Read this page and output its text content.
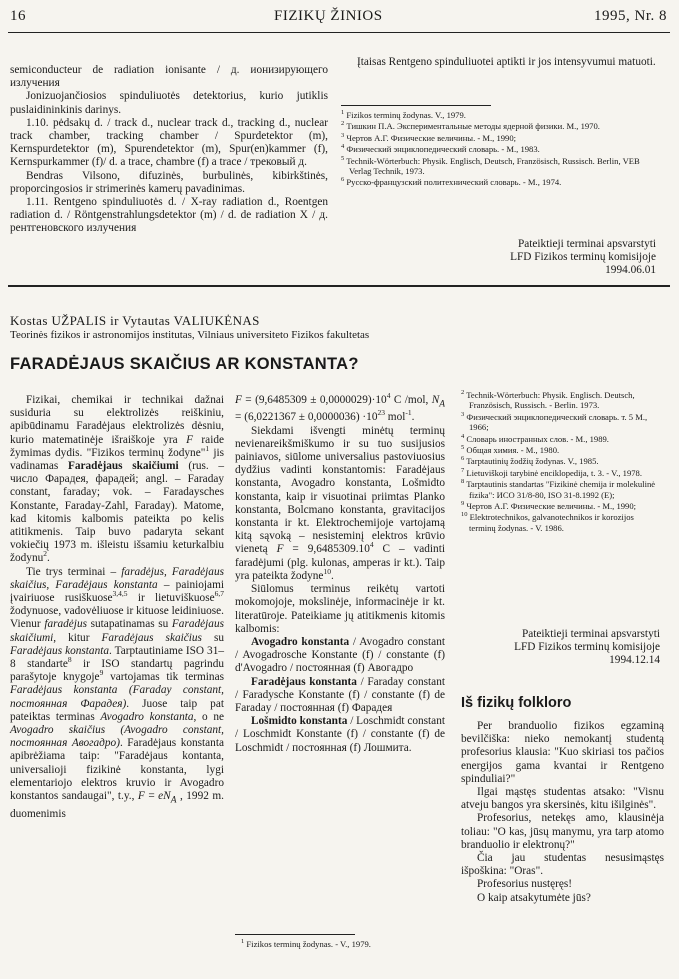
16	FIZIKŲ ŽINIOS	1995, Nr. 8

semiconducteur de radiation ionisante / д. ионизирующего излучения

Jonizuojančiosios spinduliuotės detektorius, kurio jutiklis puslaidininkinis darinys.

1.10. pėdsakų d. / track d., nuclear track d., tracking d., nuclear track chamber, tracking chamber / Spurdetektor (m), Kernspurdetektor (m), Spurendetektor (m), Spur(en)kammer (f), Kernspurkammer (f)/ d. a trace, chambre (f) a trace / трековый д.

Bendras Vilsono, difuzinės, burbulinės, kibirkštinės, proporcingosios ir strimerinės kamerų pavadinimas.

1.11. Rentgeno spinduliuotės d. / X-ray radiation d., Roentgen radiation d. / Röntgenstrahlungsdetektor (m) / d. de radiation X / д. рентгеновского излучения

Įtaisas Rentgeno spinduliuotei aptikti ir jos intensyvumui matuoti.

$^1$ Fizikos terminų žodynas. V., 1979.

$^2$ Тишкин П.А. Экспериментальные методы ядерной физики. М., 1970.

$^3$ Чертов А.Г. Физические величины. - М., 1990;

$^4$ Физический энциклопедический словарь. - М., 1983.

$^5$ Technik-Wörterbuch: Physik. Englisch, Deutsch, Französisch, Russisch. Berlin, VEB Verlag Technik, 1973.

$^6$ Русско-французский политехнический словарь. - М., 1974.

Pateiktieji terminai apsvarstyti
LFD Fizikos terminų komisijoje
1994.06.01
Kostas UŽPALIS ir Vytautas VALIUKĖNAS
Teorinės fizikos ir astronomijos institutas, Vilniaus universiteto Fizikos fakultetas
FARADĖJAUS SKAIČIUS AR KONSTANTA?

Fizikai, chemikai ir technikai dažnai susiduria su elektrolizės reiškiniu, apibūdinamu Faradėjaus elektrolizės dėsniu, kurio matematinėje išraiškoje yra F raide žymimas dydis. "Fizikos terminų žodyne"$^1$ jis vadinamas Faradėjaus skaičiumi (rus. – число Фарадея, фарадей; angl. – Faraday constant, faraday; vok. – Faradaysches Konstante, Faraday-Zahl, Faraday). Matome, kad kitomis kalbomis pateikta po kelis atitikmenis. Taip buvo padaryta sekant vokiečių 1973 m. išleistu išsamiu keturkalbiu žodynu$^2$.

Tie trys terminai – faradėjus, Faradėjaus skaičius, Faradėjaus konstanta – painiojami įvairiuose rusiškuose$^{3,4,5}$ ir lietuviškuose$^{6,7}$ žodynuose, vadovėliuose ir kituose leidiniuose. Vienur faradėjus sutapatinamas su Faradėjaus skaičiumi, kitur Faradėjaus skaičius su Faradėjaus konstanta. Tarptautiniame ISO 31–8 standarte$^8$ ir ISO standartų pagrindu parašytoje knygoje$^9$ vartojamas tik terminas Faradėjaus konstanta (Faraday constant, постоянная Фарадея). Juose taip pat pateiktas terminas Avogadro konstanta, o ne Avogadro skaičius (Avogadro constant, постоянная Авогадро). Faradėjaus konstanta apibrėžiama taip: "Faradėjaus kontanta, universalioji fizikinė konstanta, lygi elementariojo elektros kruvio ir Avogadro konstantos sandaugai", t.y., $F = eN_A$ , 1992 m. duomenimis

$F = (9,6485309 \pm 0,0000029)\cdot 10^4$ C /mol, $N_A = (6,0221367 \pm 0,0000036) \cdot 10^{23}$ mol$^{-1}$.

Siekdami išvengti minėtų terminų nevienareikšmiškumo ir su tuo susijusios painiavos, siūlome universalius pastoviuosius dydžius vadinti konstantomis: Faradėjaus konstanta, Avogadro konstanta, Lošmidto konstanta, kaip ir visuotinai priimtas Planko konstanta, Bolcmano konstanta, gravitacijos konstanta ir kt. Elektrochemijoje vartojamą kitą sąvoką – nesisteminį elektros krūvio vienetą $F = 9,6485309.10^4$ C – vadinti faradėjumi (plg. kulonas, amperas ir kt.). Taip yra pateikta žodyne$^{10}$.

Siūlomus terminus reikėtų vartoti mokomojoje, mokslinėje, informacinėje ir kt. literatūroje. Pateikiame jų atitikmenis kitomis kalbomis:

Avogadro konstanta / Avogadro constant / Avogadrosche Konstante (f) / constante (f) d'Avogadro / постоянная (f) Авогадро

Faradėjaus konstanta / Faraday constant / Faradysche Konstante (f) / constante (f) de Faraday / постоянная (f) Фарадея

Lošmidto konstanta / Loschmidt constant / Loschmidt Konstante (f) / constante (f) de Loschmidt / постоянная (f) Лошмита.

$^1$ Fizikos terminų žodynas. - V., 1979.

$^2$ Technik-Wörterbuch: Physik. Englisch. Deutsch, Französisch, Russisch. - Berlin. 1973.

$^3$ Физический энциклопедический словарь. т. 5 М., 1966;

$^4$ Словарь иностранных слов. - М., 1989.

$^5$ Общая химия. - М., 1980.

$^6$ Tarptautinių žodžių žodynas. V., 1985.

$^7$ Lietuviškoji tarybinė enciklopedija, t. 3. - V., 1978.

$^8$ Tarptautinis standartas "Fizikinė chemija ir molekulinė fizika": ИСО 31/8-80, ISO 31-8.1992 (E);

$^9$ Чертов А.Г. Физические величины. - М., 1990;

$^{10}$ Elektrotechnikos, galvanotechnikos ir korozijos terminų žodynas. - V. 1986.

Pateiktieji terminai apsvarstyti
LFD Fizikos terminų komisijoje
1994.12.14
Iš fizikų folkloro

Per branduolio fizikos egzaminą bevilčiška: nieko nemokantį studentą profesorius klausia: "Kuo skiriasi tos pačios energijos gama kvantai ir Rentgeno spinduliai?"

Ilgai mąstęs studentas atsako: "Visnu atveju bangos yra skersinės, kitu išilginės".

Profesorius, netekęs amo, klausinėja toliau: "O kas, jūsų manymu, yra tarp atomo branduolio ir elektronų?"

Čia jau studentas nesusimąstęs išpoškina: "Oras".

Profesorius nustęręs!

O kaip atsakytumėte jūs?
